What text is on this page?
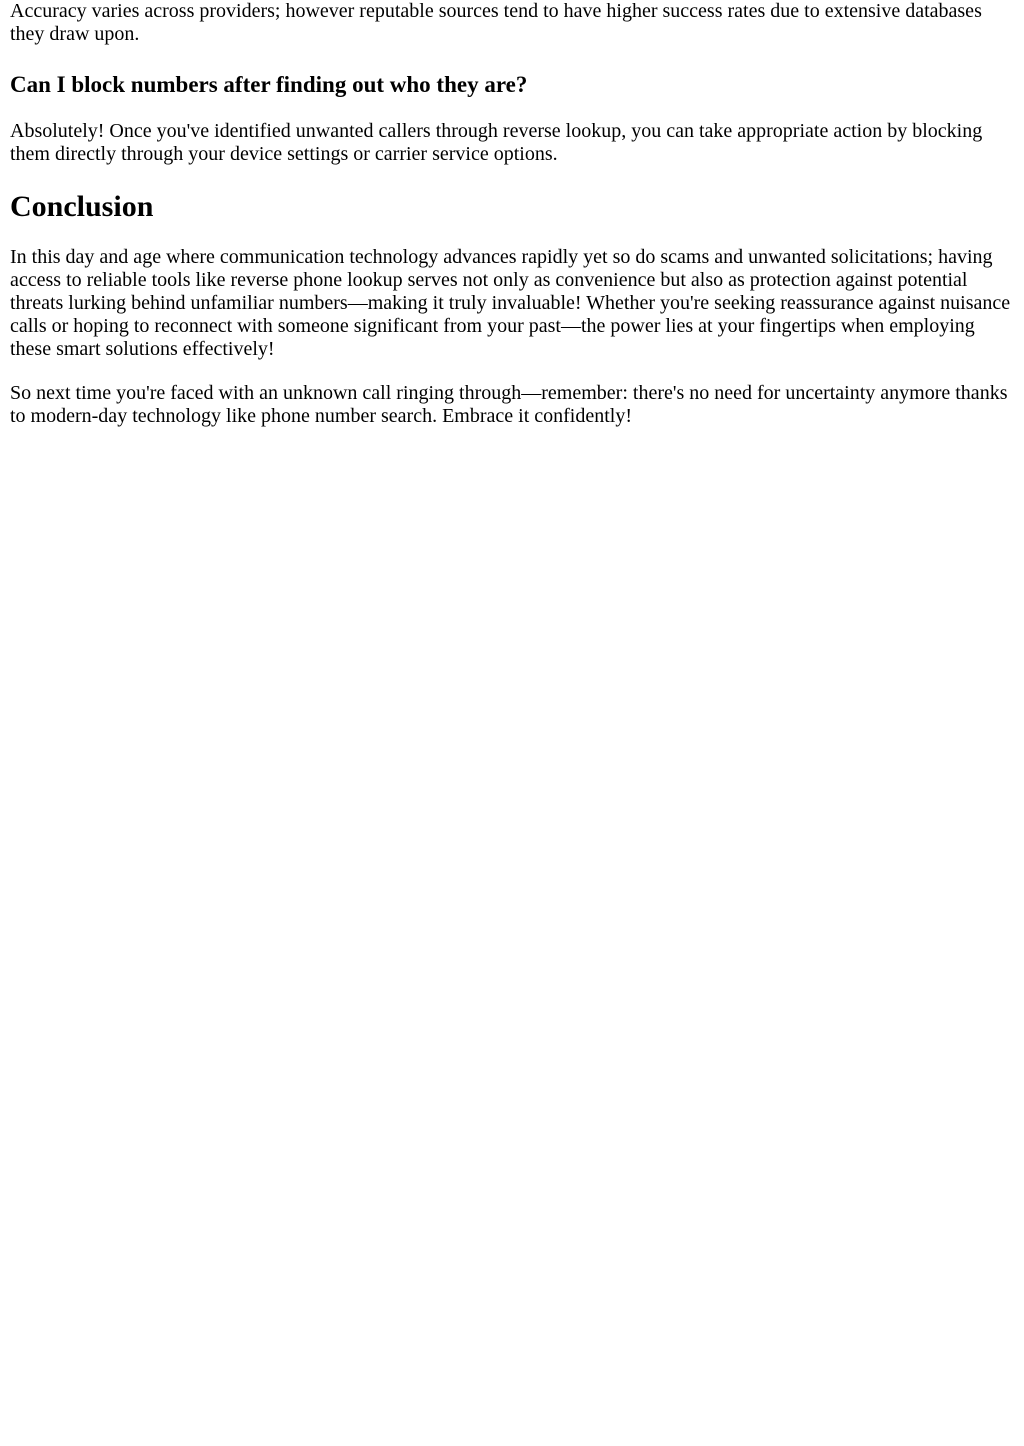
Accuracy varies across providers; however reputable sources tend to have higher success rates due to extensive databases they draw upon.

Can I block numbers after finding out who they are?

Absolutely! Once you've identified unwanted callers through reverse lookup, you can take appropriate action by blocking them directly through your device settings or carrier service options.

Conclusion

In this day and age where communication technology advances rapidly yet so do scams and unwanted solicitations; having access to reliable tools like reverse phone lookup serves not only as convenience but also as protection against potential threats lurking behind unfamiliar numbers—making it truly invaluable! Whether you're seeking reassurance against nuisance calls or hoping to reconnect with someone significant from your past—the power lies at your fingertips when employing these smart solutions effectively!

So next time you're faced with an unknown call ringing through—remember: there's no need for uncertainty anymore thanks to modern-day technology like phone number search. Embrace it confidently!
